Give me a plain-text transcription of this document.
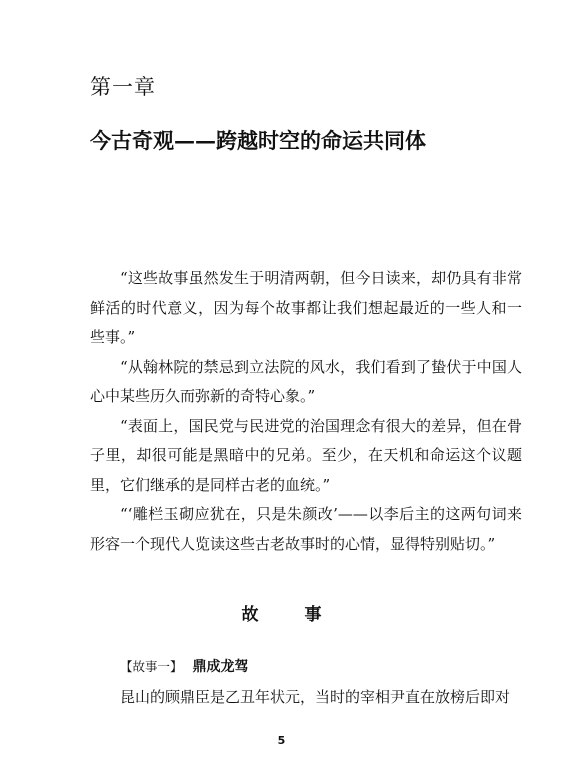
第一章
今古奇观——跨越时空的命运共同体

“这些故事虽然发生于明清两朝，但今日读来，却仍具有非常鲜活的时代意义，因为每个故事都让我们想起最近的一些人和一些事。”

“从翰林院的禁忌到立法院的风水，我们看到了蛰伏于中国人心中某些历久而弥新的奇特心象。”

“表面上，国民党与民进党的治国理念有很大的差异，但在骨子里，却很可能是黑暗中的兄弟。至少，在天机和命运这个议题里，它们继承的是同样古老的血统。”

“‘雕栏玉砌应犹在，只是朱颜改’——以李后主的这两句词来形容一个现代人览读这些古老故事时的心情，显得特别贴切。”

故	事
【故事一】 鼎成龙驾
昆山的顾鼎臣是乙丑年状元，当时的宰相尹直在放榜后即对
5
